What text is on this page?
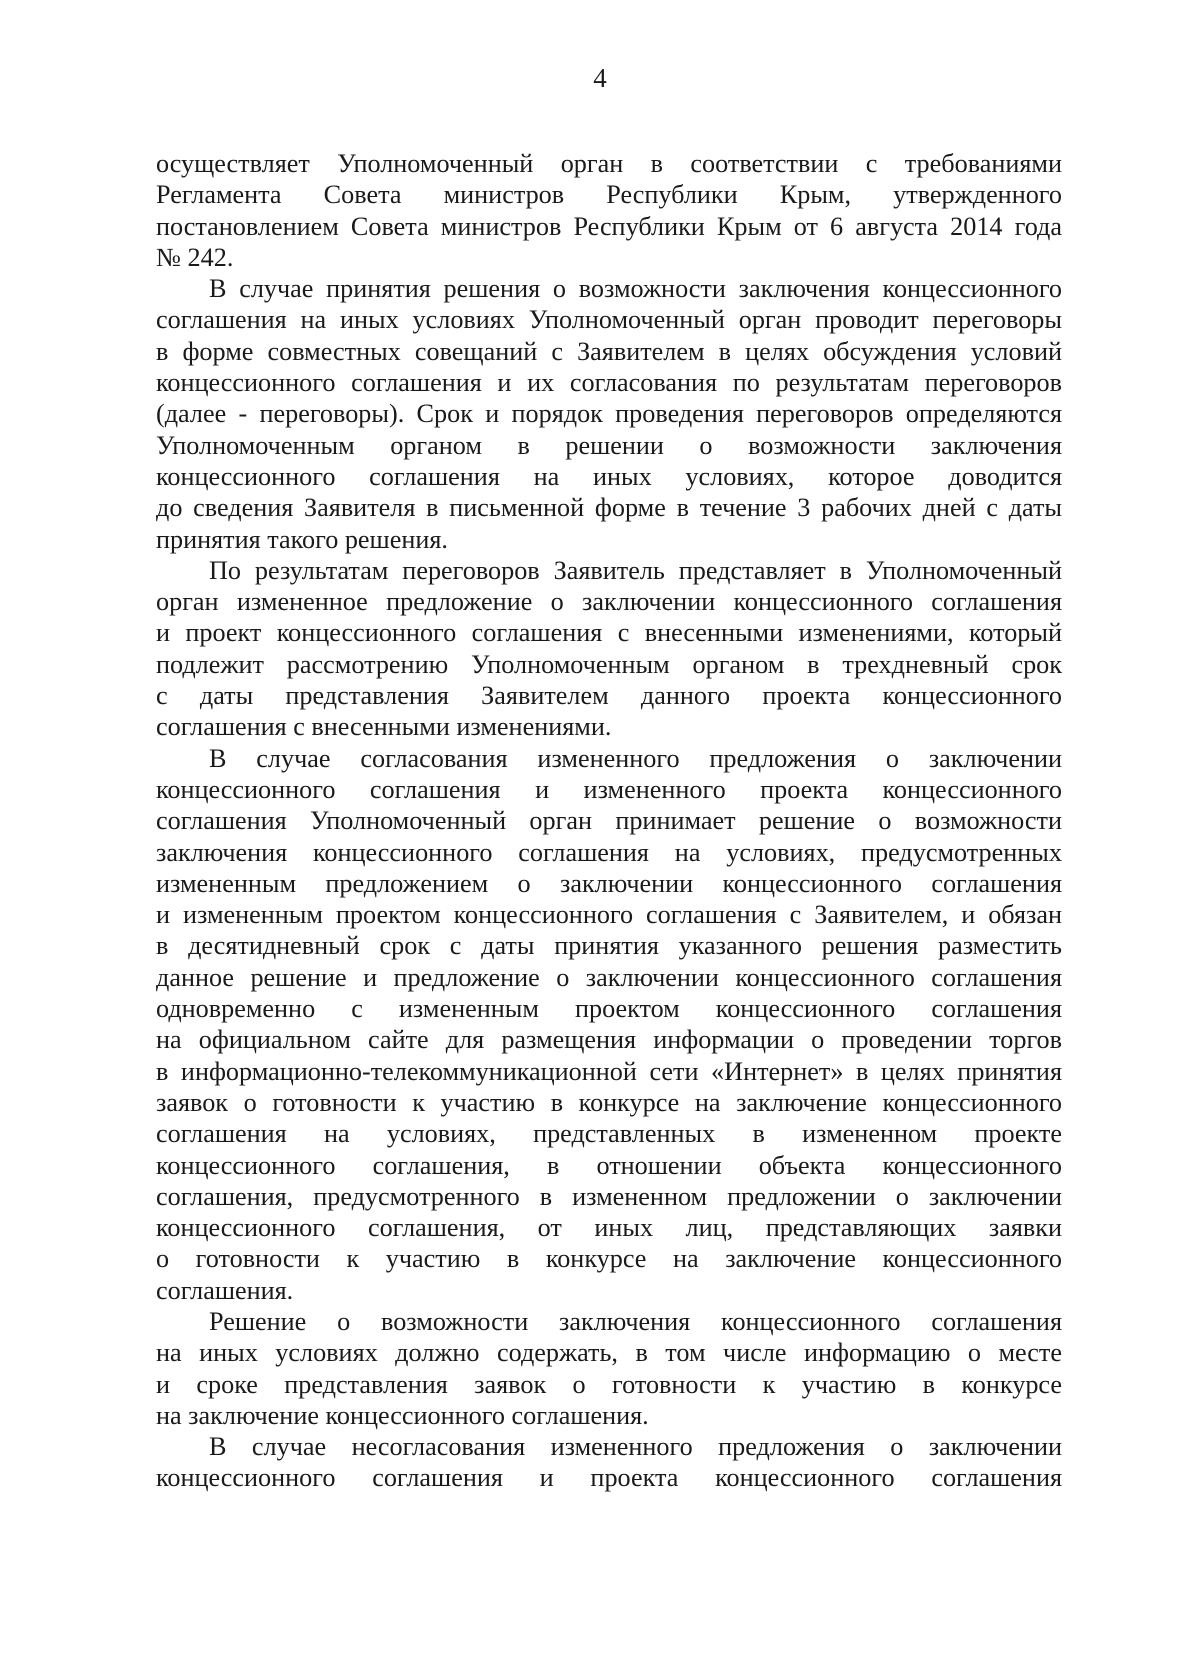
4

осуществляет Уполномоченный орган в соответствии с требованиями
Регламента Совета министров Республики Крым, утвержденного
постановлением Совета министров Республики Крым от 6 августа 2014 года
№ 242.

В случае принятия решения о возможности заключения концессионного
соглашения на иных условиях Уполномоченный орган проводит переговоры
в форме совместных совещаний с Заявителем в целях обсуждения условий
концессионного соглашения и их согласования по результатам переговоров
(далее - переговоры). Срок и порядок проведения переговоров определяются
Уполномоченным органом в решении о возможности заключения
концессионного соглашения на иных условиях, которое доводится
до сведения Заявителя в письменной форме в течение 3 рабочих дней с даты
принятия такого решения.

По результатам переговоров Заявитель представляет в Уполномоченный
орган измененное предложение о заключении концессионного соглашения
и проект концессионного соглашения с внесенными изменениями, который
подлежит рассмотрению Уполномоченным органом в трехдневный срок
с даты представления Заявителем данного проекта концессионного
соглашения с внесенными изменениями.

В случае согласования измененного предложения о заключении
концессионного соглашения и измененного проекта концессионного
соглашения Уполномоченный орган принимает решение о возможности
заключения концессионного соглашения на условиях, предусмотренных
измененным предложением о заключении концессионного соглашения
и измененным проектом концессионного соглашения с Заявителем, и обязан
в десятидневный срок с даты принятия указанного решения разместить
данное решение и предложение о заключении концессионного соглашения
одновременно с измененным проектом концессионного соглашения
на официальном сайте для размещения информации о проведении торгов
в информационно-телекоммуникационной сети «Интернет» в целях принятия
заявок о готовности к участию в конкурсе на заключение концессионного
соглашения на условиях, представленных в измененном проекте
концессионного соглашения, в отношении объекта концессионного
соглашения, предусмотренного в измененном предложении о заключении
концессионного соглашения, от иных лиц, представляющих заявки
о готовности к участию в конкурсе на заключение концессионного
соглашения.

Решение о возможности заключения концессионного соглашения
на иных условиях должно содержать, в том числе информацию о месте
и сроке представления заявок о готовности к участию в конкурсе
на заключение концессионного соглашения.

В случае несогласования измененного предложения о заключении
концессионного соглашения и проекта концессионного соглашения
